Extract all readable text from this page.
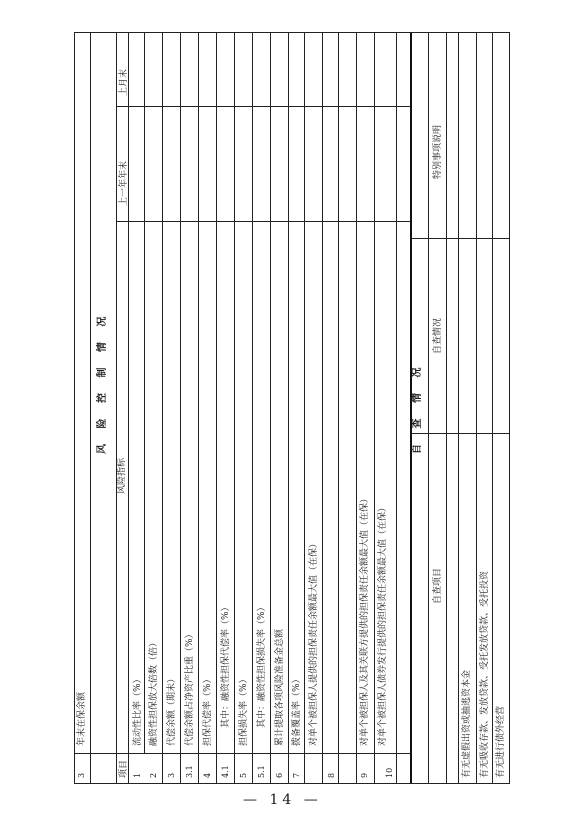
3
年末在保余额
风 险 控 制 情 况
项目
风险指标
上一年年末
上月末
1
流动性比率（%）
2
融资性担保放大倍数（倍）
3
代偿余额（期末）
3.1
代偿余额占净资产比重（%）
4
担保代偿率（%）
4.1
其中：融资性担保代偿率（%）
5
担保损失率（%）
5.1
其中：融资性担保损失率（%）
6
累计提取各项风险准备金总额
7
拨备覆盖率（%）
8
对单个被担保人提供的担保责任余额最大值（在保）
9
对单个被担保人及其关联方提供的担保责任余额最大值（在保）
10
对单个被担保人债券发行提供的担保责任余额最大值（在保）
自 查 情 况
自查项目
自查情况
特别事项说明
有无虚假出资或抽逃资本金 有无吸收存款、发放贷款、受托发放贷款、受托投资 有无进行债外经营
— 14 —
